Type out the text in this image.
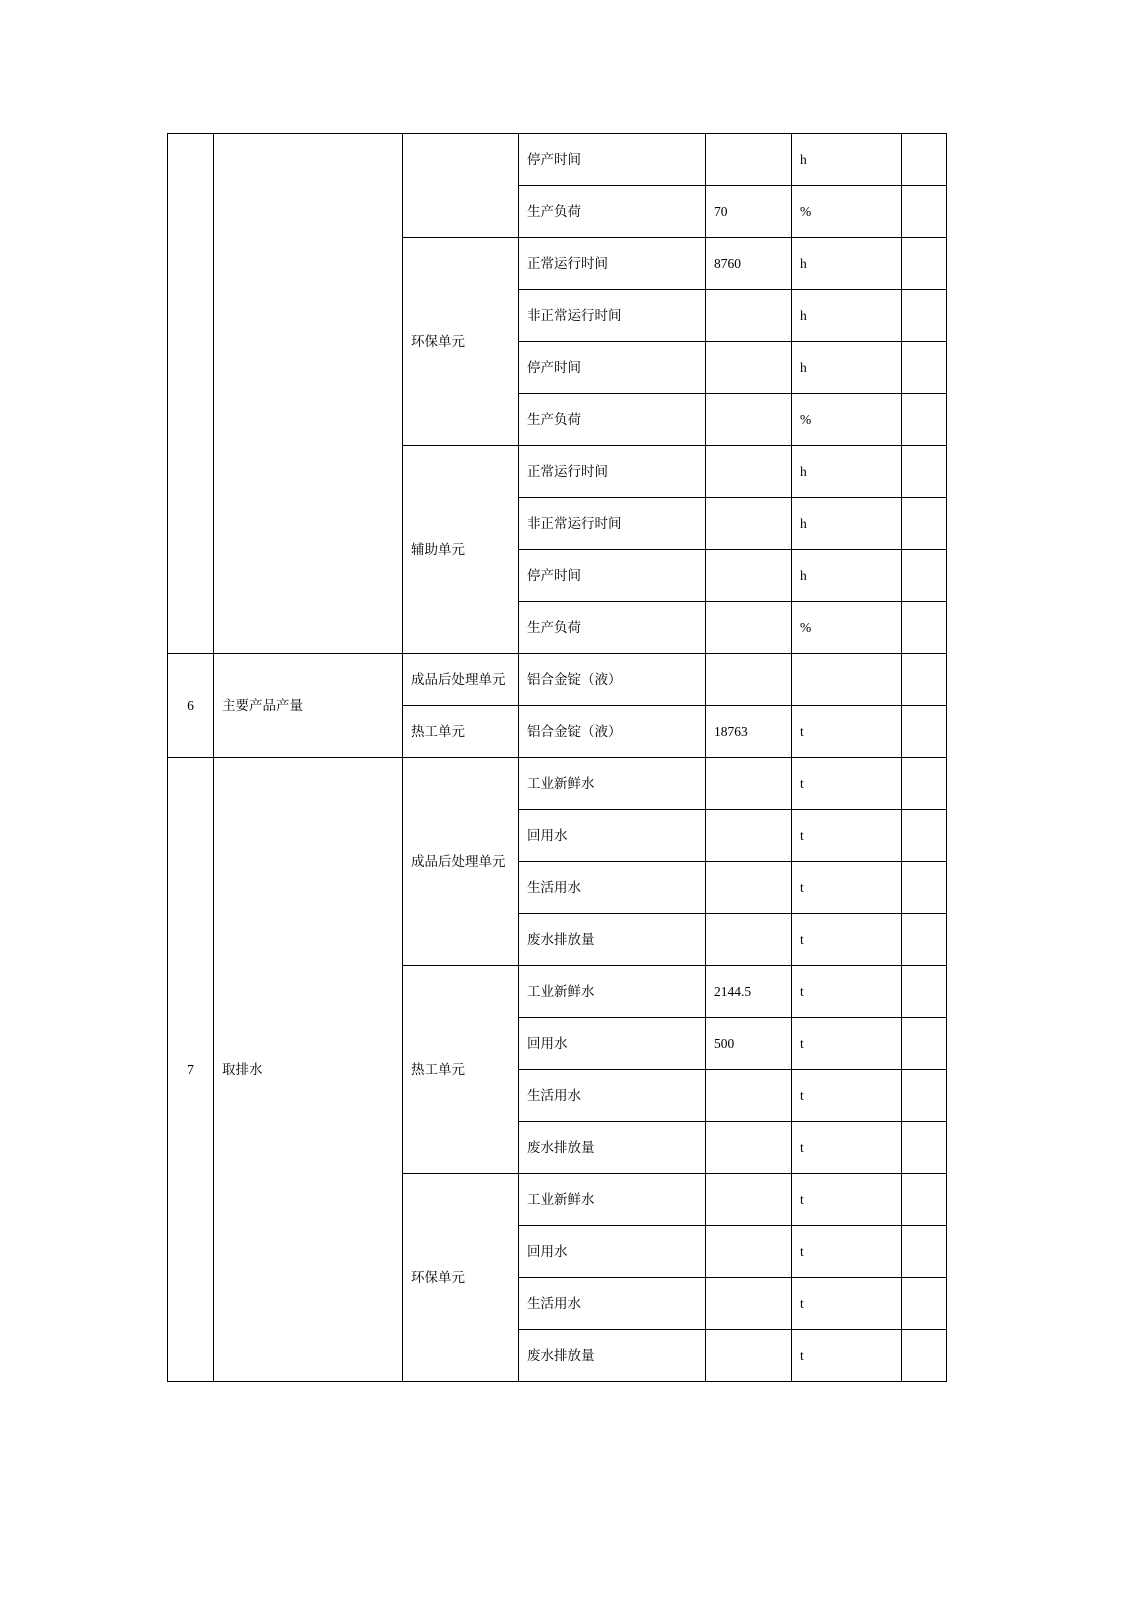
			停产时间		h	
			生产负荷	70	%	
		环保单元	正常运行时间	8760	h	
			非正常运行时间		h	
			停产时间		h	
			生产负荷		%	
		辅助单元	正常运行时间		h	
			非正常运行时间		h	
			停产时间		h	
			生产负荷		%	
6	主要产品产量	成品后处理单元	铝合金锭（液）			
		热工单元	铝合金锭（液）	18763	t	
7	取排水	成品后处理单元	工业新鲜水		t	
			回用水		t	
			生活用水		t	
			废水排放量		t	
		热工单元	工业新鲜水	2144.5	t	
			回用水	500	t	
			生活用水		t	
			废水排放量		t	
		环保单元	工业新鲜水		t	
			回用水		t	
			生活用水		t	
			废水排放量		t	
